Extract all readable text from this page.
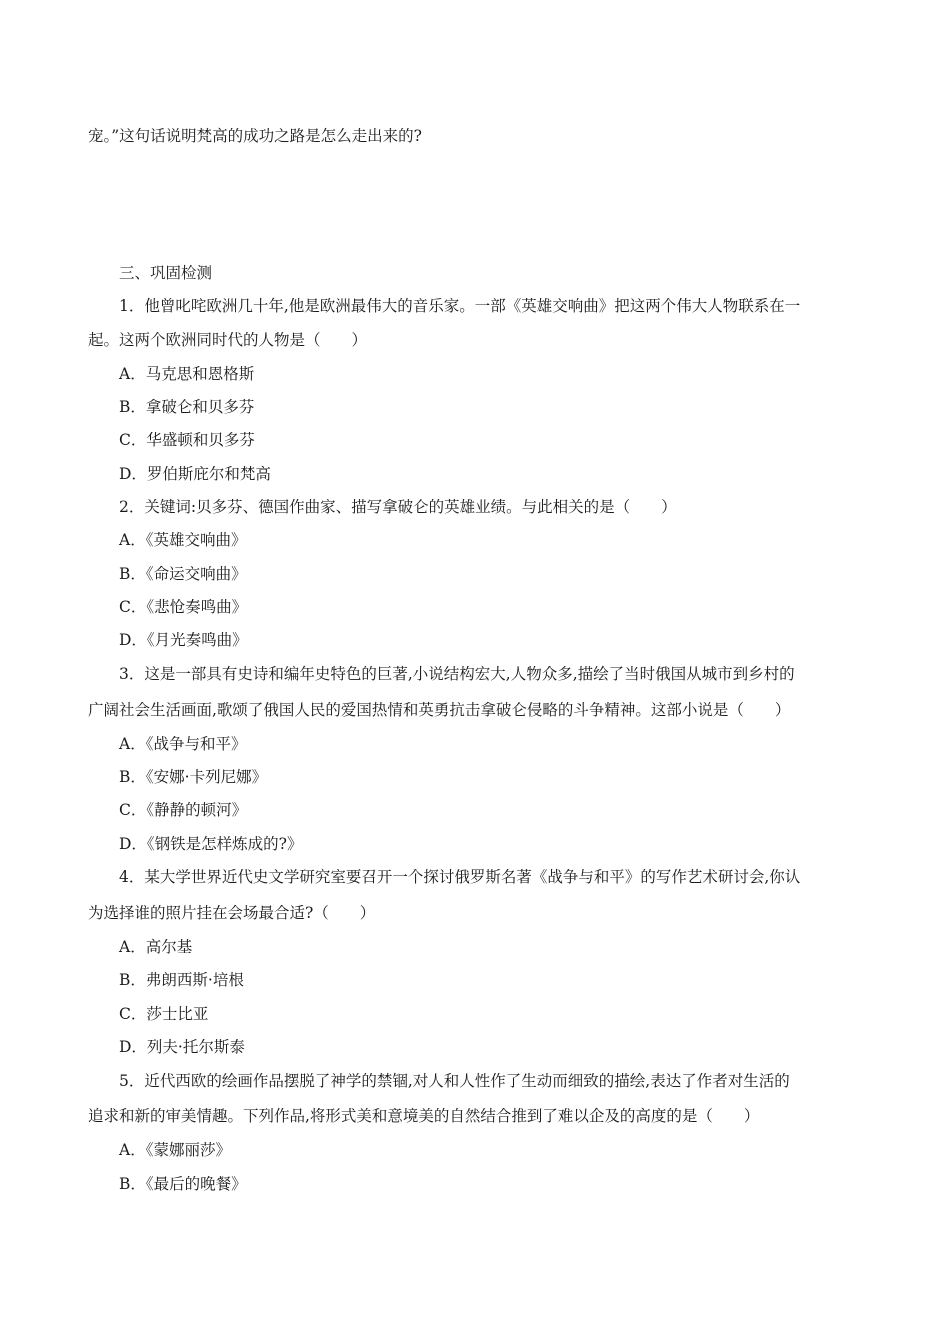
宠。”这句话说明梵高的成功之路是怎么走出来的?
三、巩固检测
1．他曾叱咤欧洲几十年,他是欧洲最伟大的音乐家。一部《英雄交响曲》把这两个伟大人物联系在一
起。这两个欧洲同时代的人物是（　　）
A．马克思和恩格斯
B．拿破仑和贝多芬
C．华盛顿和贝多芬
D．罗伯斯庇尔和梵高
2．关键词:贝多芬、德国作曲家、描写拿破仑的英雄业绩。与此相关的是（　　）
A．《英雄交响曲》
B．《命运交响曲》
C．《悲怆奏鸣曲》
D．《月光奏鸣曲》
3．这是一部具有史诗和编年史特色的巨著,小说结构宏大,人物众多,描绘了当时俄国从城市到乡村的
广阔社会生活画面,歌颂了俄国人民的爱国热情和英勇抗击拿破仑侵略的斗争精神。这部小说是（　　）
A．《战争与和平》
B．《安娜·卡列尼娜》
C．《静静的顿河》
D．《钢铁是怎样炼成的?》
4．某大学世界近代史文学研究室要召开一个探讨俄罗斯名著《战争与和平》的写作艺术研讨会,你认
为选择谁的照片挂在会场最合适?（　　）
A．高尔基
B．弗朗西斯·培根
C．莎士比亚
D．列夫·托尔斯泰
5．近代西欧的绘画作品摆脱了神学的禁锢,对人和人性作了生动而细致的描绘,表达了作者对生活的
追求和新的审美情趣。下列作品,将形式美和意境美的自然结合推到了难以企及的高度的是（　　）
A．《蒙娜丽莎》
B．《最后的晚餐》
